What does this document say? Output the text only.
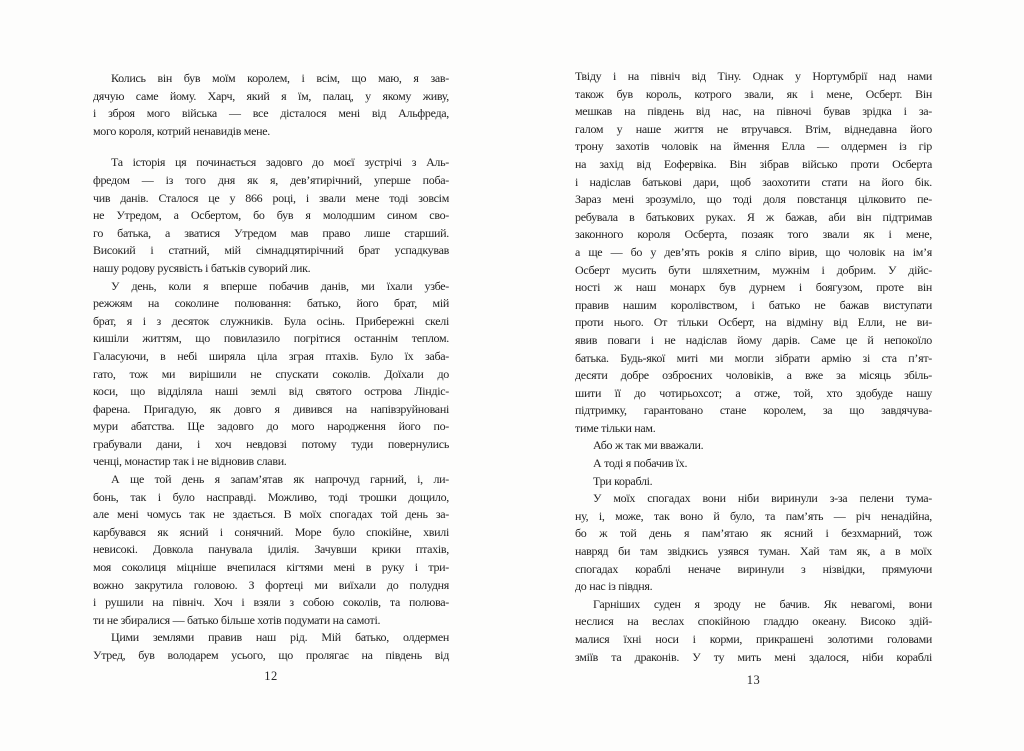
Колись він був моїм королем, і всім, що маю, я зав-
дячую саме йому. Харч, який я їм, палац, у якому живу,
і зброя мого війська — все дісталося мені від Альфреда,
мого короля, котрий ненавидів мене.
Та історія ця починається задовго до моєї зустрічі з Аль-
фредом — із того дня як я, дев’ятирічний, уперше поба-
чив данів. Сталося це у 866 році, і звали мене тоді зовсім
не Утредом, а Осбертом, бо був я молодшим сином сво-
го батька, а зватися Утредом мав право лише старший.
Високий і статний, мій сімнадцятирічний брат успадкував
нашу родову русявість і батьків суворий лик.
У день, коли я вперше побачив данів, ми їхали узбе-
режжям на соколине полювання: батько, його брат, мій
брат, я і з десяток служників. Була осінь. Прибережні скелі
кишіли життям, що повилазило погрітися останнім теплом.
Галасуючи, в небі ширяла ціла зграя птахів. Було їх заба-
гато, тож ми вирішили не спускати соколів. Доїхали до
коси, що відділяла наші землі від святого острова Ліндіс-
фарена. Пригадую, як довго я дивився на напівзруйновані
мури абатства. Ще задовго до мого народження його по-
грабували дани, і хоч невдовзі потому туди повернулись
ченці, монастир так і не відновив слави.
А ще той день я запам’ятав як напрочуд гарний, і, ли-
бонь, так і було насправді. Можливо, тоді трошки дощило,
але мені чомусь так не здається. В моїх спогадах той день за-
карбувався як ясний і сонячний. Море було спокійне, хвилі
невисокі. Довкола панувала ідилія. Зачувши крики птахів,
моя соколиця міцніше вчепилася кігтями мені в руку і три-
вожно закрутила головою. З фортеці ми виїхали до полудня
і рушили на північ. Хоч і взяли з собою соколів, та полюва-
ти не збиралися — батько більше хотів подумати на самоті.
Цими землями правив наш рід. Мій батько, олдермен
Утред, був володарем усього, що пролягає на південь від
12
Твіду і на північ від Тіну. Однак у Нортумбрії над нами
також був король, котрого звали, як і мене, Осберт. Він
мешкав на південь від нас, на півночі бував зрідка і за-
галом у наше життя не втручався. Втім, віднедавна його
трону захотів чоловік на ймення Елла — олдермен із гір
на захід від Еофервіка. Він зібрав військо проти Осберта
і надіслав батькові дари, щоб заохотити стати на його бік.
Зараз мені зрозуміло, що тоді доля повстанця цілковито пе-
ребувала в батькових руках. Я ж бажав, аби він підтримав
законного короля Осберта, позаяк того звали як і мене,
а ще — бо у дев’ять років я сліпо вірив, що чоловік на ім’я
Осберт мусить бути шляхетним, мужнім і добрим. У дійс-
ності ж наш монарх був дурнем і боягузом, проте він
правив нашим королівством, і батько не бажав виступати
проти нього. От тільки Осберт, на відміну від Елли, не ви-
явив поваги і не надіслав йому дарів. Саме це й непокоїло
батька. Будь-якої миті ми могли зібрати армію зі ста п’ят-
десяти добре озброєних чоловіків, а вже за місяць збіль-
шити її до чотирьохсот; а отже, той, хто здобуде нашу
підтримку, гарантовано стане королем, за що завдячува-
тиме тільки нам.
Або ж так ми вважали.
А тоді я побачив їх.
Три кораблі.
У моїх спогадах вони ніби виринули з-за пелени тума-
ну, і, може, так воно й було, та пам’ять — річ ненадійна,
бо ж той день я пам’ятаю як ясний і безхмарний, тож
навряд би там звідкись узявся туман. Хай там як, а в моїх
спогадах кораблі неначе виринули з нізвідки, прямуючи
до нас із півдня.
Гарніших суден я зроду не бачив. Як невагомі, вони
неслися на веслах спокійною гладдю океану. Високо здій-
малися їхні носи і корми, прикрашені золотими головами
зміїв та драконів. У ту мить мені здалося, ніби кораблі
13
